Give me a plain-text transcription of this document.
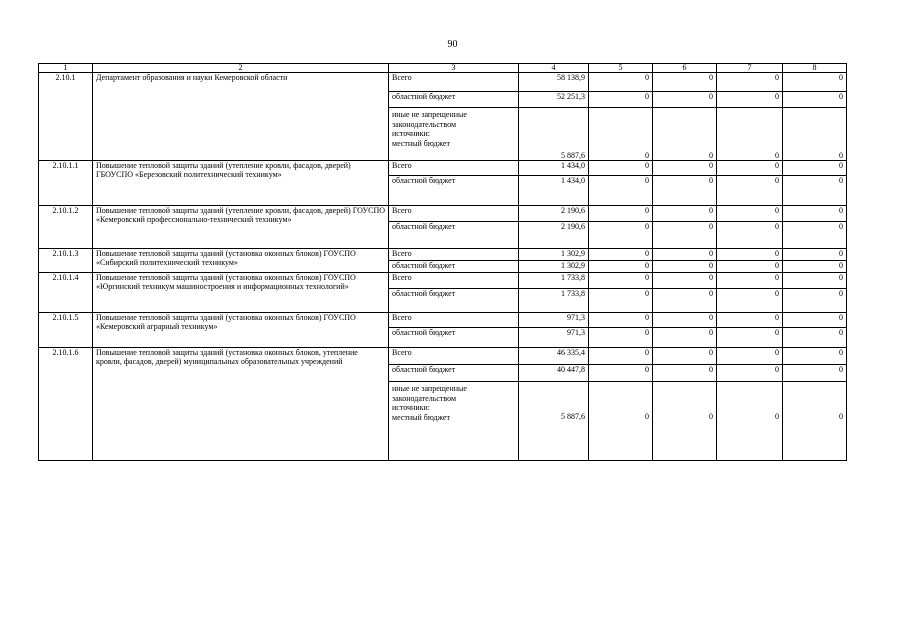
90
1	2	3	4	5	6	7	8
2.10.1	Департамент образования и науки Кемеровской области	Всего	58 138,9	0	0	0	0
		областной бюджет	52 251,3	0	0	0	0

		иные не запрещенные
законодательством
источники:
местный бюджет	5 887,6	0	0	0	0
2.10.1.1	Повышение тепловой защиты зданий (утепление кровли, фасадов, дверей) ГБОУСПО «Березовский политехнический техникум»	Всего	1 434,0	0	0	0	0
		областной бюджет	1 434,0	0	0	0	0
2.10.1.2	Повышение тепловой защиты зданий (утепление кровли, фасадов, дверей) ГОУСПО «Кемеровский профессионально-технический техникум»	Всего	2 190,6	0	0	0	0
		областной бюджет	2 190,6	0	0	0	0
2.10.1.3	Повышение тепловой защиты зданий (установка оконных блоков) ГОУСПО «Сибирский политехнический техникум»	Всего	1 302,9	0	0	0	0
		областной бюджет	1 302,9	0	0	0	0
2.10.1.4	Повышение тепловой защиты зданий (установка оконных блоков) ГОУСПО «Юргинский техникум машиностроения и информационных технологий»	Всего	1 733,8	0	0	0	0
		областной бюджет	1 733,8	0	0	0	0
2.10.1.5	Повышение тепловой защиты зданий (установка оконных блоков) ГОУСПО «Кемеровский аграрный техникум»	Всего	971,3	0	0	0	0
		областной бюджет	971,3	0	0	0	0
2.10.1.6	Повышение тепловой защиты зданий (установка оконных блоков, утепление кровли, фасадов, дверей) муниципальных образовательных учреждений	Всего	46 335,4	0	0	0	0
		областной бюджет	40 447,8	0	0	0	0

		иные не запрещенные
законодательством
источники:
местный бюджет	5 887,6	0	0	0	0
